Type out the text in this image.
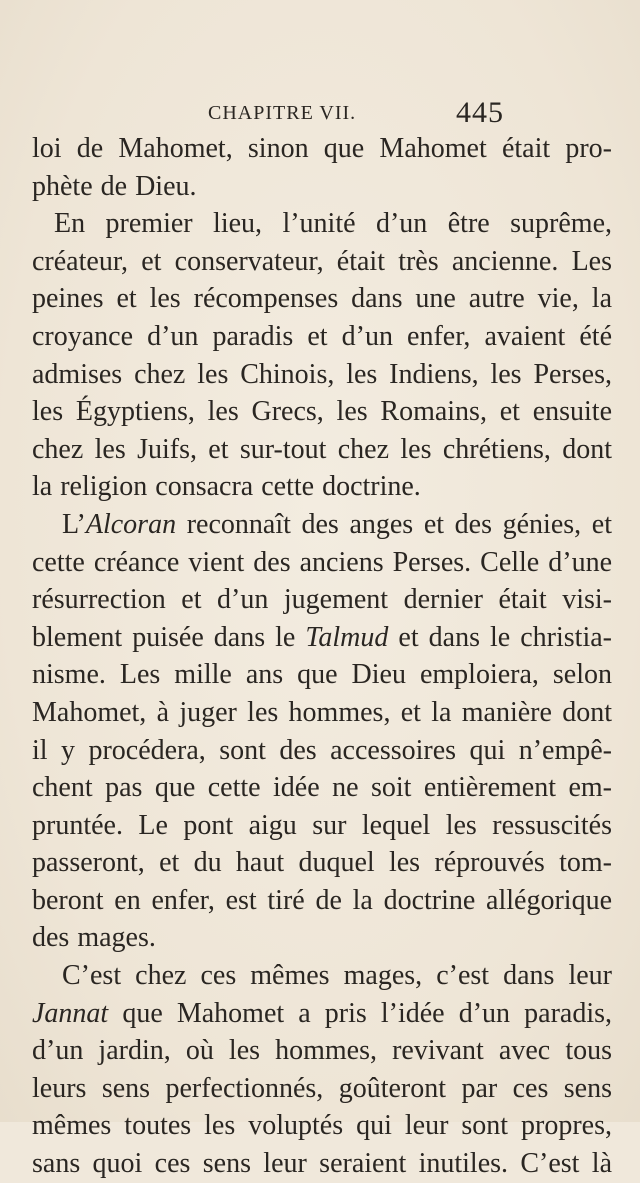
CHAPITRE VII.	445
loi de Mahomet, sinon que Mahomet était pro-
phète de Dieu.
En premier lieu, l’unité d’un être suprême,
créateur, et conservateur, était très ancienne. Les
peines et les récompenses dans une autre vie, la
croyance d’un paradis et d’un enfer, avaient été
admises chez les Chinois, les Indiens, les Perses,
les Égyptiens, les Grecs, les Romains, et ensuite
chez les Juifs, et sur-tout chez les chrétiens, dont
la religion consacra cette doctrine.
L’Alcoran reconnaît des anges et des génies, et
cette créance vient des anciens Perses. Celle d’une
résurrection et d’un jugement dernier était visi-
blement puisée dans le Talmud et dans le christia-
nisme. Les mille ans que Dieu emploiera, selon
Mahomet, à juger les hommes, et la manière dont
il y procédera, sont des accessoires qui n’empê-
chent pas que cette idée ne soit entièrement em-
pruntée. Le pont aigu sur lequel les ressuscités
passeront, et du haut duquel les réprouvés tom-
beront en enfer, est tiré de la doctrine allégorique
des mages.
C’est chez ces mêmes mages, c’est dans leur
Jannat que Mahomet a pris l’idée d’un paradis,
d’un jardin, où les hommes, revivant avec tous
leurs sens perfectionnés, goûteront par ces sens
mêmes toutes les voluptés qui leur sont propres,
sans quoi ces sens leur seraient inutiles. C’est là
